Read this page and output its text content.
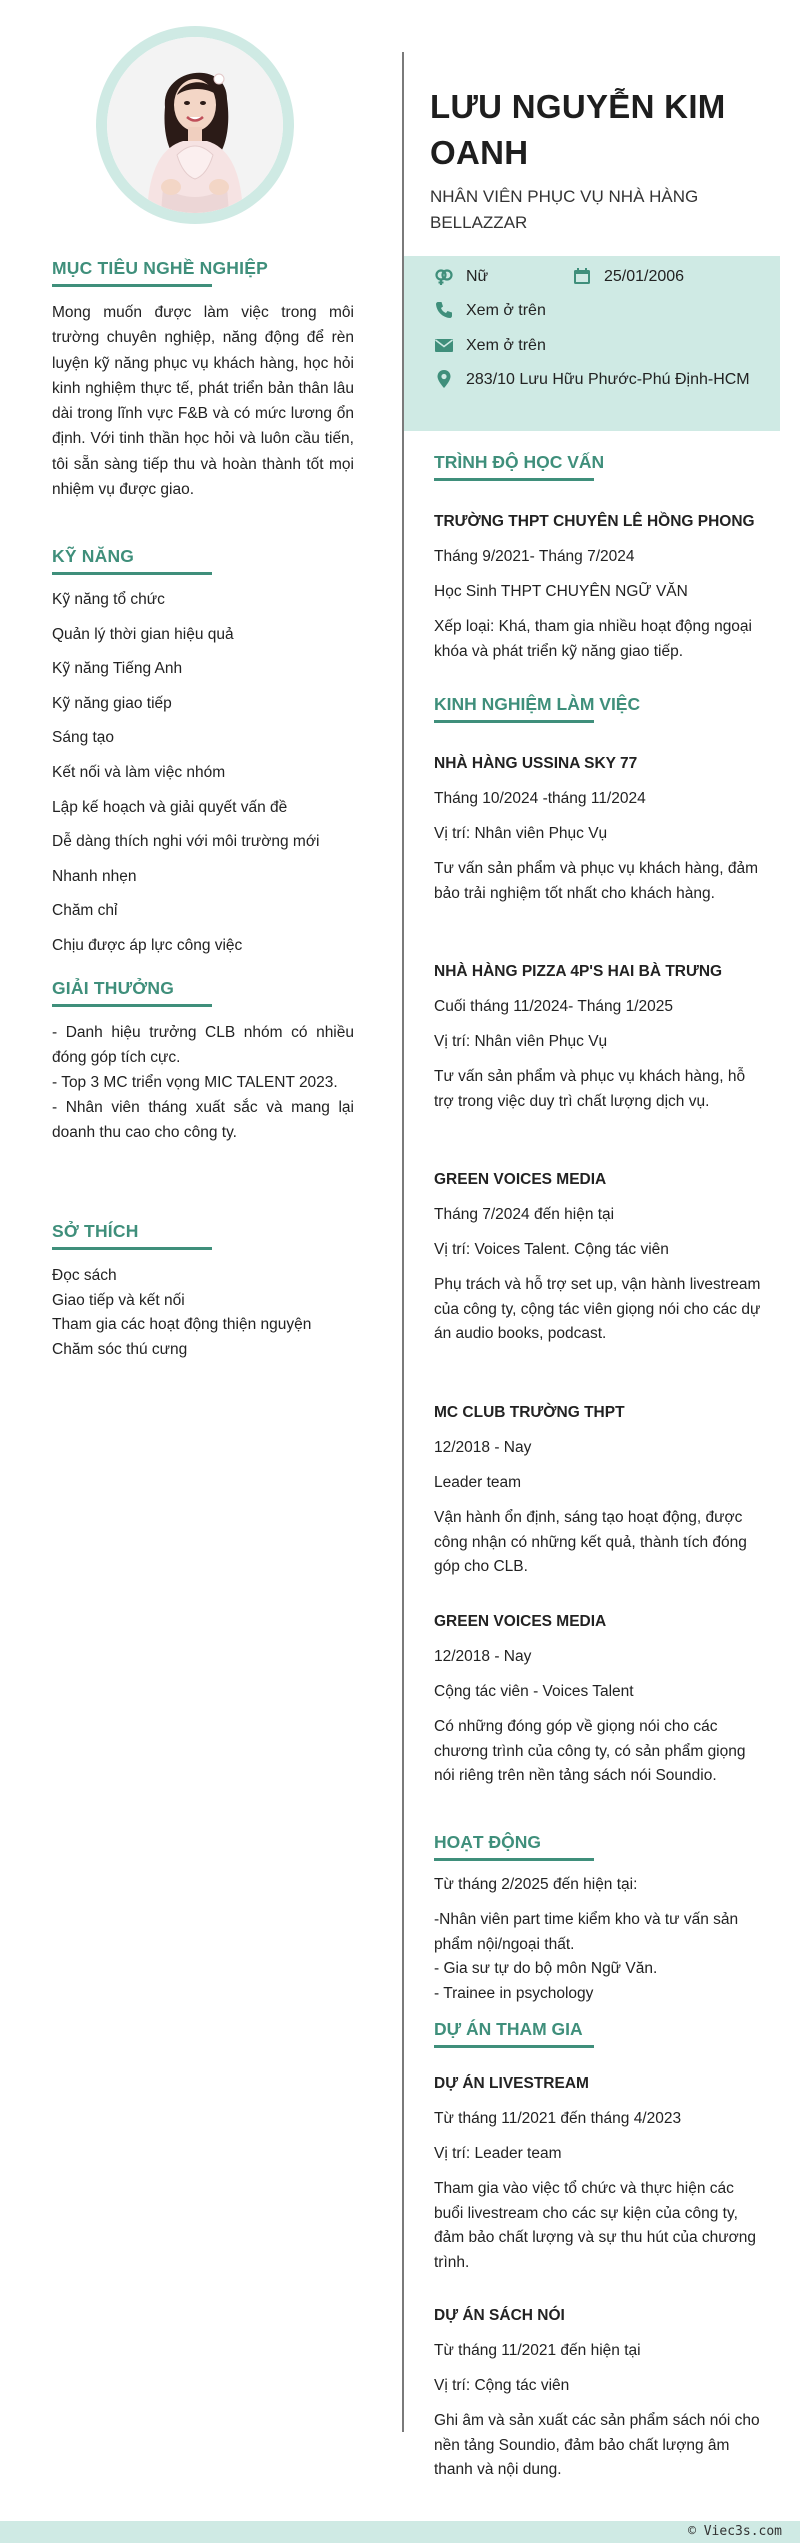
MỤC TIÊU NGHỀ NGHIỆP

Mong muốn được làm việc trong môi trường chuyên nghiệp, năng động để rèn luyện kỹ năng phục vụ khách hàng, học hỏi kinh nghiệm thực tế, phát triển bản thân lâu dài trong lĩnh vực F&B và có mức lương ổn định. Với tinh thần học hỏi và luôn cầu tiến, tôi sẵn sàng tiếp thu và hoàn thành tốt mọi nhiệm vụ được giao.

KỸ NĂNG
Kỹ năng tổ chức
Quản lý thời gian hiệu quả
Kỹ năng Tiếng Anh
Kỹ năng giao tiếp
Sáng tạo
Kết nối và làm việc nhóm
Lập kế hoạch và giải quyết vấn đề
Dễ dàng thích nghi với môi trường mới
Nhanh nhẹn
Chăm chỉ
Chịu được áp lực công việc
GIẢI THƯỞNG
- Danh hiệu trưởng CLB nhóm có nhiều đóng góp tích cực.
- Top 3 MC triển vọng MIC TALENT 2023.
- Nhân viên tháng xuất sắc và mang lại doanh thu cao cho công ty.
SỞ THÍCH
Đọc sách
Giao tiếp và kết nối
Tham gia các hoạt động thiện nguyện
Chăm sóc thú cưng
LƯU NGUYỄN KIM OANH
NHÂN VIÊN PHỤC VỤ NHÀ HÀNG BELLAZZAR
Nữ	25/01/2006
Xem ở trên
Xem ở trên
283/10 Lưu Hữu Phước-Phú Định-HCM
TRÌNH ĐỘ HỌC VẤN
TRƯỜNG THPT CHUYÊN LÊ HỒNG PHONG
Tháng 9/2021- Tháng 7/2024
Học Sinh THPT CHUYÊN NGỮ VĂN
Xếp loại: Khá, tham gia nhiều hoạt động ngoại khóa và phát triển kỹ năng giao tiếp.
KINH NGHIỆM LÀM VIỆC
NHÀ HÀNG USSINA SKY 77
Tháng 10/2024 -tháng 11/2024
Vị trí: Nhân viên Phục Vụ
Tư vấn sản phẩm và phục vụ khách hàng, đảm bảo trải nghiệm tốt nhất cho khách hàng.
NHÀ HÀNG PIZZA 4P'S HAI BÀ TRƯNG
Cuối tháng 11/2024- Tháng 1/2025
Vị trí: Nhân viên Phục Vụ
Tư vấn sản phẩm và phục vụ khách hàng, hỗ trợ trong việc duy trì chất lượng dịch vụ.
GREEN VOICES MEDIA
Tháng 7/2024 đến hiện tại
Vị trí: Voices Talent. Cộng tác viên
Phụ trách và hỗ trợ set up, vận hành livestream của công ty, cộng tác viên giọng nói cho các dự án audio books, podcast.
MC CLUB TRƯỜNG THPT
12/2018 - Nay
Leader team
Vận hành ổn định, sáng tạo hoạt động, được công nhận có những kết quả, thành tích đóng góp cho CLB.
GREEN VOICES MEDIA
12/2018 - Nay
Cộng tác viên - Voices Talent
Có những đóng góp về giọng nói cho các chương trình của công ty, có sản phẩm giọng nói riêng trên nền tảng sách nói Soundio.
HOẠT ĐỘNG
Từ tháng 2/2025 đến hiện tại:
-Nhân viên part time kiểm kho và tư vấn sản phẩm nội/ngoại thất.
- Gia sư tự do bộ môn Ngữ Văn.
- Trainee in psychology
DỰ ÁN THAM GIA
DỰ ÁN LIVESTREAM
Từ tháng 11/2021 đến tháng 4/2023
Vị trí: Leader team
Tham gia vào việc tổ chức và thực hiện các buổi livestream cho các sự kiện của công ty, đảm bảo chất lượng và sự thu hút của chương trình.
DỰ ÁN SÁCH NÓI
Từ tháng 11/2021 đến hiện tại
Vị trí: Cộng tác viên
Ghi âm và sản xuất các sản phẩm sách nói cho nền tảng Soundio, đảm bảo chất lượng âm thanh và nội dung.
© Viec3s.com
